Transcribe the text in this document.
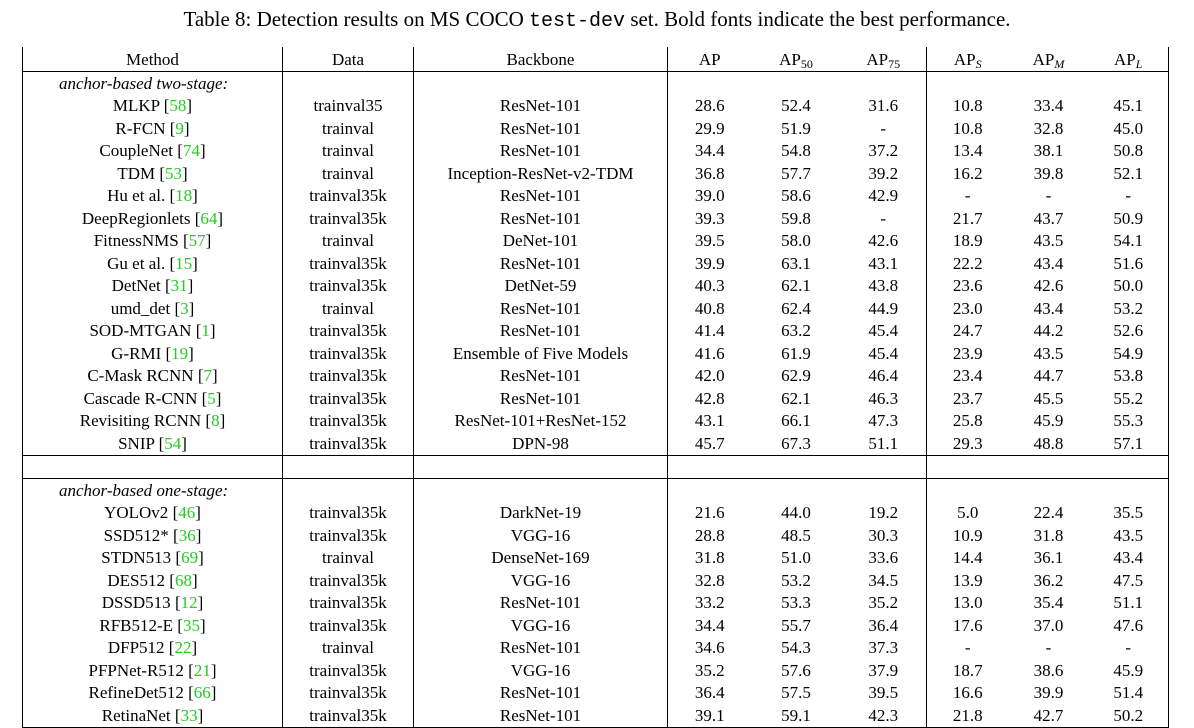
Table 8: Detection results on MS COCO test-dev set. Bold fonts indicate the best performance.
Method	Data	Backbone	AP	$AP_{50}$	$AP_{75}$	$AP_S$	$AP_M$	$AP_L$
anchor-based two-stage:								
MLKP [58]	trainval35	ResNet-101	28.6	52.4	31.6	10.8	33.4	45.1
R-FCN [9]	trainval	ResNet-101	29.9	51.9	-	10.8	32.8	45.0
CoupleNet [74]	trainval	ResNet-101	34.4	54.8	37.2	13.4	38.1	50.8
TDM [53]	trainval	Inception-ResNet-v2-TDM	36.8	57.7	39.2	16.2	39.8	52.1
Hu et al. [18]	trainval35k	ResNet-101	39.0	58.6	42.9	-	-	-
DeepRegionlets [64]	trainval35k	ResNet-101	39.3	59.8	-	21.7	43.7	50.9
FitnessNMS [57]	trainval	DeNet-101	39.5	58.0	42.6	18.9	43.5	54.1
Gu et al. [15]	trainval35k	ResNet-101	39.9	63.1	43.1	22.2	43.4	51.6
DetNet [31]	trainval35k	DetNet-59	40.3	62.1	43.8	23.6	42.6	50.0
umd_det [3]	trainval	ResNet-101	40.8	62.4	44.9	23.0	43.4	53.2
SOD-MTGAN [1]	trainval35k	ResNet-101	41.4	63.2	45.4	24.7	44.2	52.6
G-RMI [19]	trainval35k	Ensemble of Five Models	41.6	61.9	45.4	23.9	43.5	54.9
C-Mask RCNN [7]	trainval35k	ResNet-101	42.0	62.9	46.4	23.4	44.7	53.8
Cascade R-CNN [5]	trainval35k	ResNet-101	42.8	62.1	46.3	23.7	45.5	55.2
Revisiting RCNN [8]	trainval35k	ResNet-101+ResNet-152	43.1	66.1	47.3	25.8	45.9	55.3
SNIP [54]	trainval35k	DPN-98	45.7	67.3	51.1	29.3	48.8	57.1

anchor-based one-stage:								
YOLOv2 [46]	trainval35k	DarkNet-19	21.6	44.0	19.2	5.0	22.4	35.5
SSD512* [36]	trainval35k	VGG-16	28.8	48.5	30.3	10.9	31.8	43.5
STDN513 [69]	trainval	DenseNet-169	31.8	51.0	33.6	14.4	36.1	43.4
DES512 [68]	trainval35k	VGG-16	32.8	53.2	34.5	13.9	36.2	47.5
DSSD513 [12]	trainval35k	ResNet-101	33.2	53.3	35.2	13.0	35.4	51.1
RFB512-E [35]	trainval35k	VGG-16	34.4	55.7	36.4	17.6	37.0	47.6
DFP512 [22]	trainval	ResNet-101	34.6	54.3	37.3	-	-	-
PFPNet-R512 [21]	trainval35k	VGG-16	35.2	57.6	37.9	18.7	38.6	45.9
RefineDet512 [66]	trainval35k	ResNet-101	36.4	57.5	39.5	16.6	39.9	51.4
RetinaNet [33]	trainval35k	ResNet-101	39.1	59.1	42.3	21.8	42.7	50.2
